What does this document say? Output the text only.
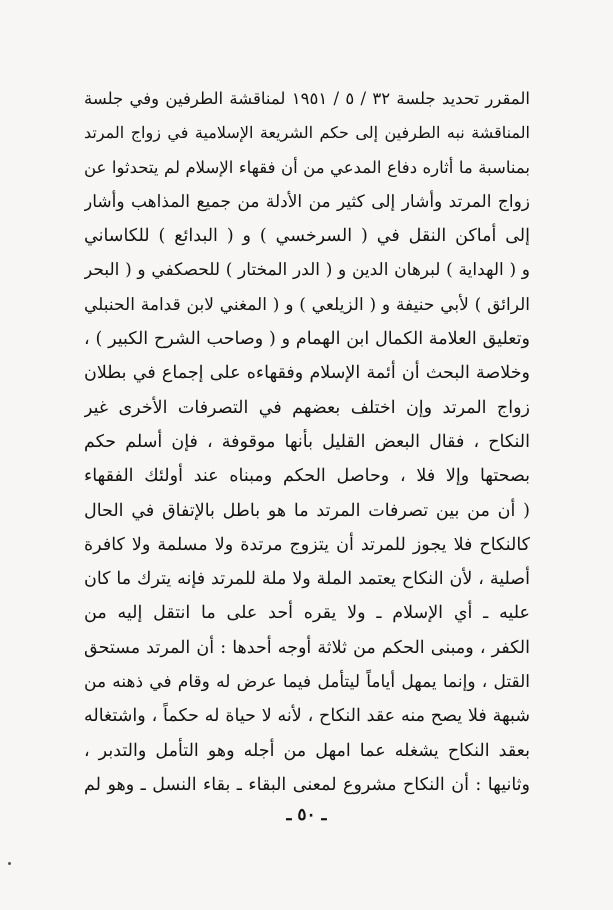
المقرر تحديد جلسة ٣٢ / ٥ / ١٩٥١ لمناقشة الطرفين وفي جلسة
المناقشة نبه الطرفين إلى حكم الشريعة الإسلامية في زواج المرتد
بمناسبة ما أثاره دفاع المدعي من أن فقهاء الإسلام لم يتحدثوا عن
زواج المرتد وأشار إلى كثير من الأدلة من جميع المذاهب وأشار
إلى أماكن النقل في ( السرخسي ) و ( البدائع ) للكاساني
و ( الهداية ) لبرهان الدين و ( الدر المختار ) للحصكفي و ( البحر
الرائق ) لأبي حنيفة و ( الزيلعي ) و ( المغني لابن قدامة الحنبلي
وتعليق العلامة الكمال ابن الهمام و ( وصاحب الشرح الكبير ) ،
وخلاصة البحث أن أئمة الإسلام وفقهاءه على إجماع في بطلان
زواج المرتد وإن اختلف بعضهم في التصرفات الأخرى غير
النكاح ، فقال البعض القليل بأنها موقوفة ، فإن أسلم حكم
بصحتها وإلا فلا ، وحاصل الحكم ومبناه عند أولئك الفقهاء
( أن من بين تصرفات المرتد ما هو باطل بالإتفاق في الحال
كالنكاح فلا يجوز للمرتد أن يتزوج مرتدة ولا مسلمة ولا كافرة
أصلية ، لأن النكاح يعتمد الملة ولا ملة للمرتد فإنه يترك ما كان
عليه ـ أي الإسلام ـ ولا يقره أحد على ما انتقل إليه من
الكفر ، ومبنى الحكم من ثلاثة أوجه أحدها : أن المرتد مستحق
القتل ، وإنما يمهل أياماً ليتأمل فيما عرض له وقام في ذهنه من
شبهة فلا يصح منه عقد النكاح ، لأنه لا حياة له حكماً ، واشتغاله
بعقد النكاح يشغله عما امهل من أجله وهو التأمل والتدبر ،
وثانيها : أن النكاح مشروع لمعنى البقاء ـ بقاء النسل ـ وهو لم
ـ ٥٠ ـ
